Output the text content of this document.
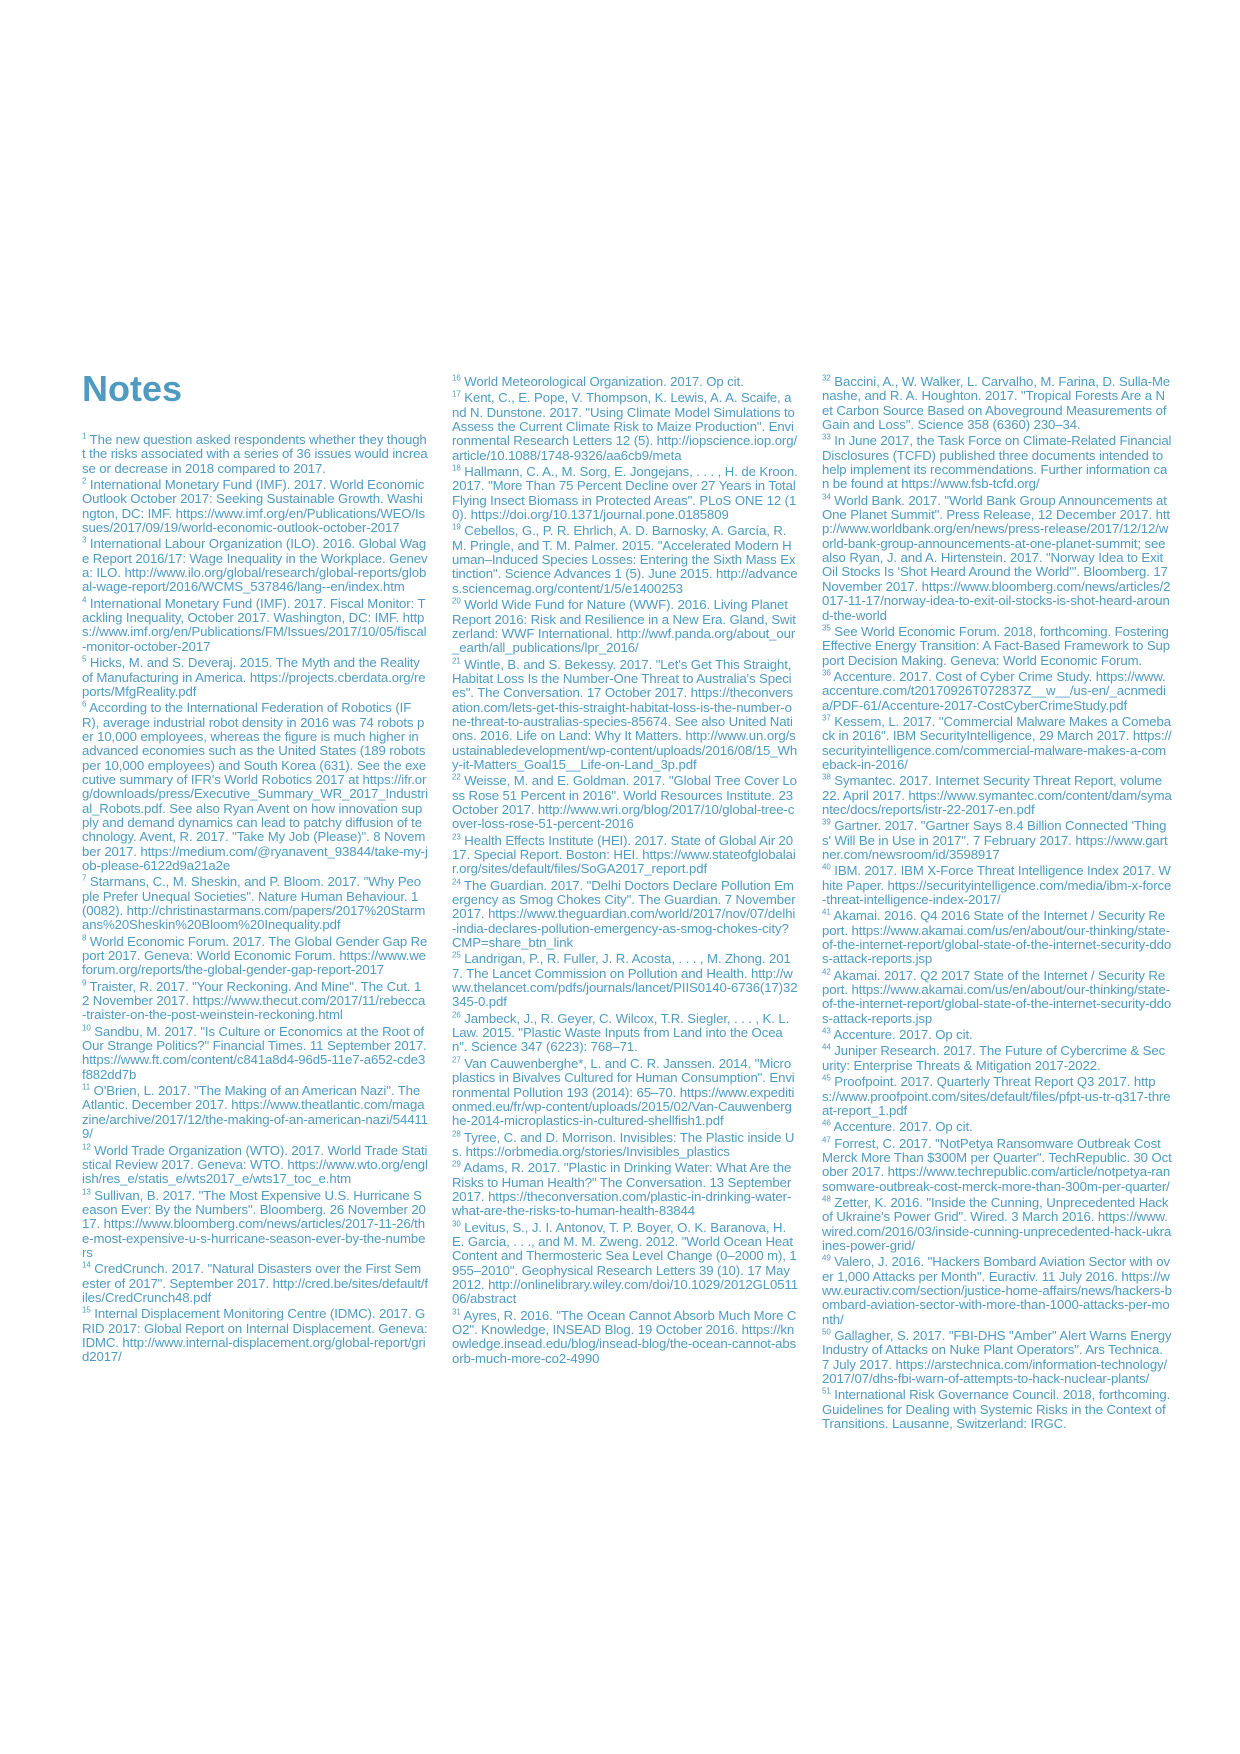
Notes

$^1$ The new question asked respondents whether they thought the risks associated with a series of 36 issues would increase or decrease in 2018 compared to 2017.

$^2$ International Monetary Fund (IMF). 2017. World Economic Outlook October 2017: Seeking Sustainable Growth. Washington, DC: IMF. https://www.imf.org/en/Publications/WEO/Issues/2017/09/19/world-economic-outlook-october-2017

$^3$ International Labour Organization (ILO). 2016. Global Wage Report 2016/17: Wage Inequality in the Workplace. Geneva: ILO. http://www.ilo.org/global/research/global-reports/global-wage-report/2016/WCMS_537846/lang--en/index.htm

$^4$ International Monetary Fund (IMF). 2017. Fiscal Monitor: Tackling Inequality, October 2017. Washington, DC: IMF. https://www.imf.org/en/Publications/FM/Issues/2017/10/05/fiscal-monitor-october-2017

$^5$ Hicks, M. and S. Deveraj. 2015. The Myth and the Reality of Manufacturing in America. https://projects.cberdata.org/reports/MfgReality.pdf

$^6$ According to the International Federation of Robotics (IFR), average industrial robot density in 2016 was 74 robots per 10,000 employees, whereas the figure is much higher in advanced economies such as the United States (189 robots per 10,000 employees) and South Korea (631). See the executive summary of IFR's World Robotics 2017 at https://ifr.org/downloads/press/Executive_Summary_WR_2017_Industrial_Robots.pdf. See also Ryan Avent on how innovation supply and demand dynamics can lead to patchy diffusion of technology. Avent, R. 2017. "Take My Job (Please)". 8 November 2017. https://medium.com/@ryanavent_93844/take-my-job-please-6122d9a21a2e

$^7$ Starmans, C., M. Sheskin, and P. Bloom. 2017. "Why People Prefer Unequal Societies". Nature Human Behaviour. 1 (0082). http://christinastarmans.com/papers/2017%20Starmans%20Sheskin%20Bloom%20Inequality.pdf

$^8$ World Economic Forum. 2017. The Global Gender Gap Report 2017. Geneva: World Economic Forum. https://www.weforum.org/reports/the-global-gender-gap-report-2017

$^9$ Traister, R. 2017. "Your Reckoning. And Mine". The Cut. 12 November 2017. https://www.thecut.com/2017/11/rebecca-traister-on-the-post-weinstein-reckoning.html

$^{10}$ Sandbu, M. 2017. "Is Culture or Economics at the Root of Our Strange Politics?" Financial Times. 11 September 2017. https://www.ft.com/content/c841a8d4-96d5-11e7-a652-cde3f882dd7b

$^{11}$ O'Brien, L. 2017. "The Making of an American Nazi". The Atlantic. December 2017. https://www.theatlantic.com/magazine/archive/2017/12/the-making-of-an-american-nazi/544119/

$^{12}$ World Trade Organization (WTO). 2017. World Trade Statistical Review 2017. Geneva: WTO. https://www.wto.org/english/res_e/statis_e/wts2017_e/wts17_toc_e.htm

$^{13}$ Sullivan, B. 2017. "The Most Expensive U.S. Hurricane Season Ever: By the Numbers". Bloomberg. 26 November 2017. https://www.bloomberg.com/news/articles/2017-11-26/the-most-expensive-u-s-hurricane-season-ever-by-the-numbers

$^{14}$ CredCrunch. 2017. "Natural Disasters over the First Semester of 2017". September 2017. http://cred.be/sites/default/files/CredCrunch48.pdf

$^{15}$ Internal Displacement Monitoring Centre (IDMC). 2017. GRID 2017: Global Report on Internal Displacement. Geneva: IDMC. http://www.internal-displacement.org/global-report/grid2017/

$^{16}$ World Meteorological Organization. 2017. Op cit.

$^{17}$ Kent, C., E. Pope, V. Thompson, K. Lewis, A. A. Scaife, and N. Dunstone. 2017. "Using Climate Model Simulations to Assess the Current Climate Risk to Maize Production". Environmental Research Letters 12 (5). http://iopscience.iop.org/article/10.1088/1748-9326/aa6cb9/meta

$^{18}$ Hallmann, C. A., M. Sorg, E. Jongejans, . . . , H. de Kroon. 2017. "More Than 75 Percent Decline over 27 Years in Total Flying Insect Biomass in Protected Areas". PLoS ONE 12 (10). https://doi.org/10.1371/journal.pone.0185809

$^{19}$ Cebellos, G., P. R. Ehrlich, A. D. Barnosky, A. García, R. M. Pringle, and T. M. Palmer. 2015. "Accelerated Modern Human–Induced Species Losses: Entering the Sixth Mass Extinction". Science Advances 1 (5). June 2015. http://advances.sciencemag.org/content/1/5/e1400253

$^{20}$ World Wide Fund for Nature (WWF). 2016. Living Planet Report 2016: Risk and Resilience in a New Era. Gland, Switzerland: WWF International. http://wwf.panda.org/about_our_earth/all_publications/lpr_2016/

$^{21}$ Wintle, B. and S. Bekessy. 2017. "Let's Get This Straight, Habitat Loss Is the Number-One Threat to Australia's Species". The Conversation. 17 October 2017. https://theconversation.com/lets-get-this-straight-habitat-loss-is-the-number-one-threat-to-australias-species-85674. See also United Nations. 2016. Life on Land: Why It Matters. http://www.un.org/sustainabledevelopment/wp-content/uploads/2016/08/15_Why-it-Matters_Goal15__Life-on-Land_3p.pdf

$^{22}$ Weisse, M. and E. Goldman. 2017. "Global Tree Cover Loss Rose 51 Percent in 2016". World Resources Institute. 23 October 2017. http://www.wri.org/blog/2017/10/global-tree-cover-loss-rose-51-percent-2016

$^{23}$ Health Effects Institute (HEI). 2017. State of Global Air 2017. Special Report. Boston: HEI. https://www.stateofglobalair.org/sites/default/files/SoGA2017_report.pdf

$^{24}$ The Guardian. 2017. "Delhi Doctors Declare Pollution Emergency as Smog Chokes City". The Guardian. 7 November 2017. https://www.theguardian.com/world/2017/nov/07/delhi-india-declares-pollution-emergency-as-smog-chokes-city?CMP=share_btn_link

$^{25}$ Landrigan, P., R. Fuller, J. R. Acosta, . . . , M. Zhong. 2017. The Lancet Commission on Pollution and Health. http://www.thelancet.com/pdfs/journals/lancet/PIIS0140-6736(17)32345-0.pdf

$^{26}$ Jambeck, J., R. Geyer, C. Wilcox, T.R. Siegler, . . . , K. L. Law. 2015. "Plastic Waste Inputs from Land into the Ocean". Science 347 (6223): 768–71.

$^{27}$ Van Cauwenberghe*, L. and C. R. Janssen. 2014. "Microplastics in Bivalves Cultured for Human Consumption". Environmental Pollution 193 (2014): 65–70. https://www.expeditionmed.eu/fr/wp-content/uploads/2015/02/Van-Cauwenberghe-2014-microplastics-in-cultured-shellfish1.pdf

$^{28}$ Tyree, C. and D. Morrison. Invisibles: The Plastic inside Us. https://orbmedia.org/stories/Invisibles_plastics

$^{29}$ Adams, R. 2017. "Plastic in Drinking Water: What Are the Risks to Human Health?" The Conversation. 13 September 2017. https://theconversation.com/plastic-in-drinking-water-what-are-the-risks-to-human-health-83844

$^{30}$ Levitus, S., J. I. Antonov, T. P. Boyer, O. K. Baranova, H. E. Garcia, . . ., and M. M. Zweng. 2012. "World Ocean Heat Content and Thermosteric Sea Level Change (0–2000 m), 1955–2010". Geophysical Research Letters 39 (10). 17 May 2012. http://onlinelibrary.wiley.com/doi/10.1029/2012GL051106/abstract

$^{31}$ Ayres, R. 2016. "The Ocean Cannot Absorb Much More CO2". Knowledge, INSEAD Blog. 19 October 2016. https://knowledge.insead.edu/blog/insead-blog/the-ocean-cannot-absorb-much-more-co2-4990

$^{32}$ Baccini, A., W. Walker, L. Carvalho, M. Farina, D. Sulla-Menashe, and R. A. Houghton. 2017. "Tropical Forests Are a Net Carbon Source Based on Aboveground Measurements of Gain and Loss". Science 358 (6360) 230–34.

$^{33}$ In June 2017, the Task Force on Climate-Related Financial Disclosures (TCFD) published three documents intended to help implement its recommendations. Further information can be found at https://www.fsb-tcfd.org/

$^{34}$ World Bank. 2017. "World Bank Group Announcements at One Planet Summit". Press Release, 12 December 2017. http://www.worldbank.org/en/news/press-release/2017/12/12/world-bank-group-announcements-at-one-planet-summit; see also Ryan, J. and A. Hirtenstein. 2017. "Norway Idea to Exit Oil Stocks Is 'Shot Heard Around the World'". Bloomberg. 17 November 2017. https://www.bloomberg.com/news/articles/2017-11-17/norway-idea-to-exit-oil-stocks-is-shot-heard-around-the-world

$^{35}$ See World Economic Forum. 2018, forthcoming. Fostering Effective Energy Transition: A Fact-Based Framework to Support Decision Making. Geneva: World Economic Forum.

$^{36}$ Accenture. 2017. Cost of Cyber Crime Study. https://www.accenture.com/t20170926T072837Z__w__/us-en/_acnmedia/PDF-61/Accenture-2017-CostCyberCrimeStudy.pdf

$^{37}$ Kessem, L. 2017. "Commercial Malware Makes a Comeback in 2016". IBM SecurityIntelligence, 29 March 2017. https://securityintelligence.com/commercial-malware-makes-a-comeback-in-2016/

$^{38}$ Symantec. 2017. Internet Security Threat Report, volume 22. April 2017. https://www.symantec.com/content/dam/symantec/docs/reports/istr-22-2017-en.pdf

$^{39}$ Gartner. 2017. "Gartner Says 8.4 Billion Connected 'Things' Will Be in Use in 2017". 7 February 2017. https://www.gartner.com/newsroom/id/3598917

$^{40}$ IBM. 2017. IBM X-Force Threat Intelligence Index 2017. White Paper. https://securityintelligence.com/media/ibm-x-force-threat-intelligence-index-2017/

$^{41}$ Akamai. 2016. Q4 2016 State of the Internet / Security Report. https://www.akamai.com/us/en/about/our-thinking/state-of-the-internet-report/global-state-of-the-internet-security-ddos-attack-reports.jsp

$^{42}$ Akamai. 2017. Q2 2017 State of the Internet / Security Report. https://www.akamai.com/us/en/about/our-thinking/state-of-the-internet-report/global-state-of-the-internet-security-ddos-attack-reports.jsp

$^{43}$ Accenture. 2017. Op cit.

$^{44}$ Juniper Research. 2017. The Future of Cybercrime & Security: Enterprise Threats & Mitigation 2017-2022.

$^{45}$ Proofpoint. 2017. Quarterly Threat Report Q3 2017. https://www.proofpoint.com/sites/default/files/pfpt-us-tr-q317-threat-report_1.pdf

$^{46}$ Accenture. 2017. Op cit.

$^{47}$ Forrest, C. 2017. "NotPetya Ransomware Outbreak Cost Merck More Than $300M per Quarter". TechRepublic. 30 October 2017. https://www.techrepublic.com/article/notpetya-ransomware-outbreak-cost-merck-more-than-300m-per-quarter/

$^{48}$ Zetter, K. 2016. "Inside the Cunning, Unprecedented Hack of Ukraine's Power Grid". Wired. 3 March 2016. https://www.wired.com/2016/03/inside-cunning-unprecedented-hack-ukraines-power-grid/

$^{49}$ Valero, J. 2016. "Hackers Bombard Aviation Sector with over 1,000 Attacks per Month". Euractiv. 11 July 2016. https://www.euractiv.com/section/justice-home-affairs/news/hackers-bombard-aviation-sector-with-more-than-1000-attacks-per-month/

$^{50}$ Gallagher, S. 2017. "FBI-DHS "Amber" Alert Warns Energy Industry of Attacks on Nuke Plant Operators". Ars Technica. 7 July 2017. https://arstechnica.com/information-technology/2017/07/dhs-fbi-warn-of-attempts-to-hack-nuclear-plants/

$^{51}$ International Risk Governance Council. 2018, forthcoming. Guidelines for Dealing with Systemic Risks in the Context of Transitions. Lausanne, Switzerland: IRGC.
